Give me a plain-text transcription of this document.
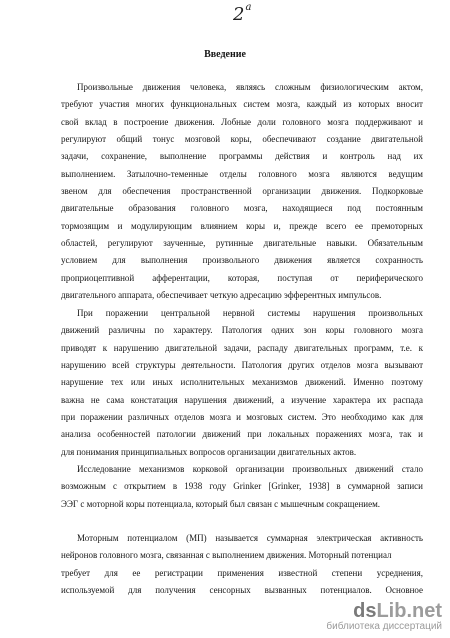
$2^а$
Введение
Произвольные движения человека, являясь сложным физиологическим актом,
требуют участия многих функциональных систем мозга, каждый из которых вносит
свой вклад в построение движения. Лобные доли головного мозга поддерживают и
регулируют общий тонус мозговой коры, обеспечивают создание двигательной
задачи, сохранение, выполнение программы действия и контроль над их
выполнением. Затылочно-теменные отделы головного мозга являются ведущим
звеном для обеспечения пространственной организации движения. Подкорковые
двигательные образования головного мозга, находящиеся под постоянным
тормозящим и модулирующим влиянием коры и, прежде всего ее премоторных
областей, регулируют заученные, рутинные двигательные навыки. Обязательным
условием для выполнения произвольного движения является сохранность
проприоцептивной афферентации, которая, поступая от периферического
двигательного аппарата, обеспечивает четкую адресацию эфферентных импульсов.
При поражении центральной нервной системы нарушения произвольных
движений различны по характеру. Патология одних зон коры головного мозга
приводят к нарушению двигательной задачи, распаду двигательных программ, т.е. к
нарушению всей структуры деятельности. Патология других отделов мозга вызывают
нарушение тех или иных исполнительных механизмов движений. Именно поэтому
важна не сама констатация нарушения движений, а изучение характера их распада
при поражении различных отделов мозга и мозговых систем. Это необходимо как для
анализа особенностей патологии движений при локальных поражениях мозга, так и
для понимания принципиальных вопросов организации двигательных актов.
Исследование механизмов корковой организации произвольных движений стало
возможным с открытием в 1938 году Grinker [Grinker, 1938] в суммарной записи
ЭЭГ с моторной коры потенциала, который был связан с мышечным сокращением.
Моторным потенциалом (МП) называется суммарная электрическая активность
нейронов головного мозга, связанная с выполнением движения. Моторный потенциал
требует для ее регистрации применения известной степени усреднения,
используемой для получения сенсорных вызванных потенциалов. Основное
ds Lib.net
библиотека диссертаций
